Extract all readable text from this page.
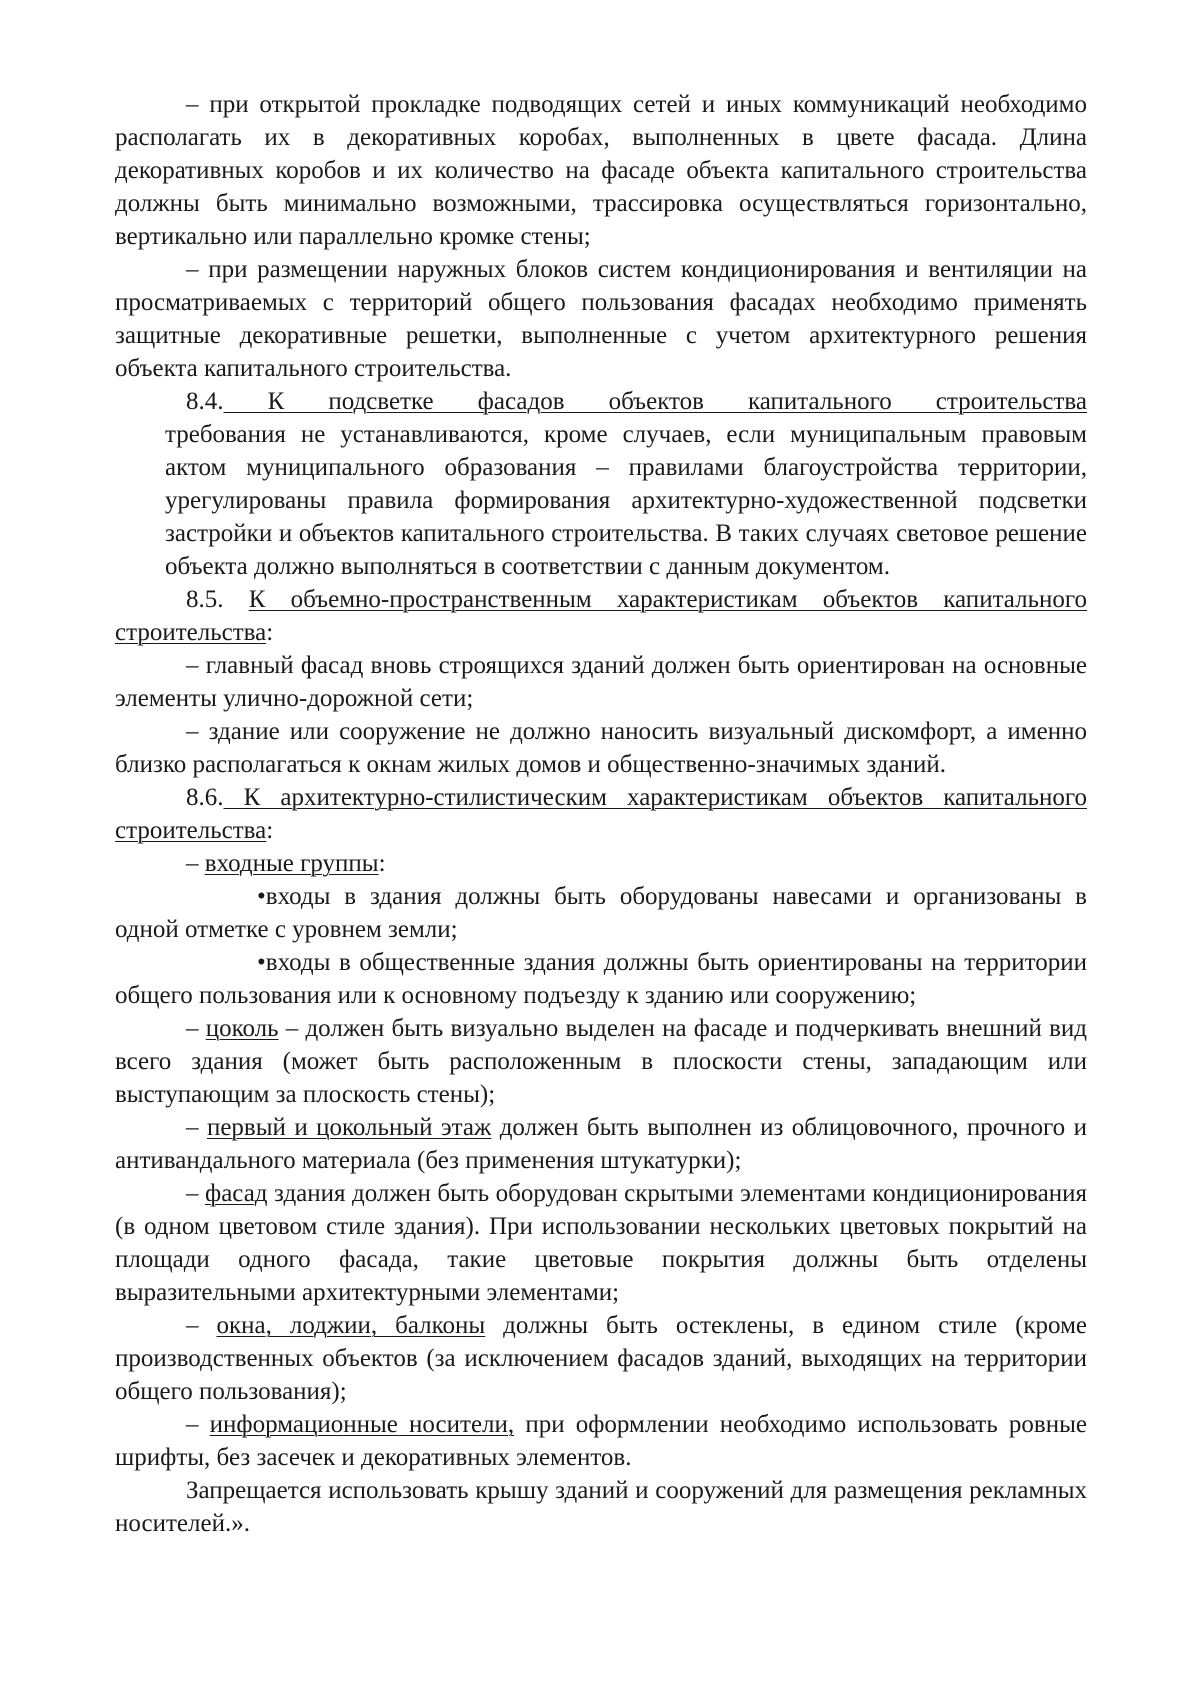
– при открытой прокладке подводящих сетей и иных коммуникаций необходимо располагать их в декоративных коробах, выполненных в цвете фасада. Длина декоративных коробов и их количество на фасаде объекта капитального строительства должны быть минимально возможными, трассировка осуществляться горизонтально, вертикально или параллельно кромке стены;

– при размещении наружных блоков систем кондиционирования и вентиляции на просматриваемых с территорий общего пользования фасадах необходимо применять защитные декоративные решетки, выполненные с учетом архитектурного решения объекта капитального строительства.

8.4. К подсветке фасадов объектов капитального строительства

требования не устанавливаются, кроме случаев, если муниципальным правовым актом муниципального образования – правилами благоустройства территории, урегулированы правила формирования архитектурно-художественной подсветки застройки и объектов капитального строительства. В таких случаях световое решение объекта должно выполняться в соответствии с данным документом.

8.5. К объемно-пространственным характеристикам объектов капитального строительства:

– главный фасад вновь строящихся зданий должен быть ориентирован на основные элементы улично-дорожной сети;

– здание или сооружение не должно наносить визуальный дискомфорт, а именно близко располагаться к окнам жилых домов и общественно-значимых зданий.

8.6. К архитектурно-стилистическим характеристикам объектов капитального строительства:

– входные группы:

•входы в здания должны быть оборудованы навесами и организованы в одной отметке с уровнем земли;

•входы в общественные здания должны быть ориентированы на территории общего пользования или к основному подъезду к зданию или сооружению;

– цоколь – должен быть визуально выделен на фасаде и подчеркивать внешний вид всего здания (может быть расположенным в плоскости стены, западающим или выступающим за плоскость стены);

– первый и цокольный этаж должен быть выполнен из облицовочного, прочного и антивандального материала (без применения штукатурки);

– фасад здания должен быть оборудован скрытыми элементами кондиционирования (в одном цветовом стиле здания). При использовании нескольких цветовых покрытий на площади одного фасада, такие цветовые покрытия должны быть отделены выразительными архитектурными элементами;

– окна, лоджии, балконы должны быть остеклены, в едином стиле (кроме производственных объектов (за исключением фасадов зданий, выходящих на территории общего пользования);

– информационные носители, при оформлении необходимо использовать ровные шрифты, без засечек и декоративных элементов.

Запрещается использовать крышу зданий и сооружений для размещения рекламных носителей.».
